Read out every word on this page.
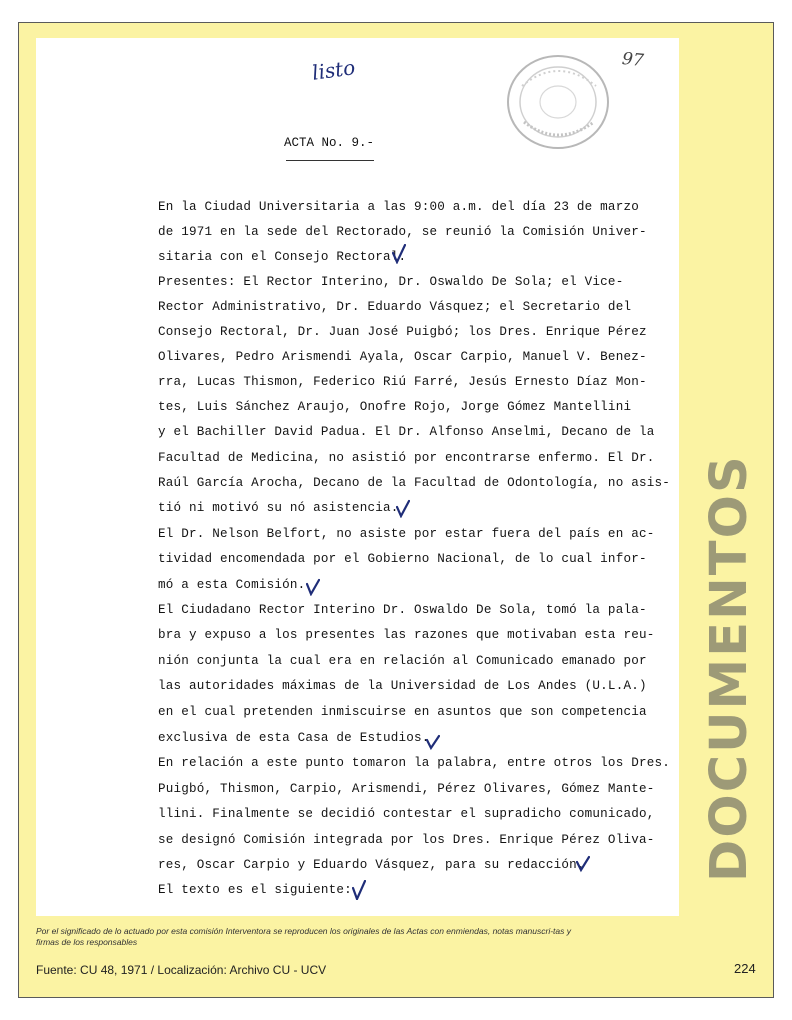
listo	97
ACTA No. 9.-
En la Ciudad Universitaria a las 9:00 a.m. del día 23 de marzo
de 1971 en la sede del Rectorado, se reunió la Comisión Univer-
sitaria con el Consejo Rectoral.
Presentes: El Rector Interino, Dr. Oswaldo De Sola; el Vice-
Rector Administrativo, Dr. Eduardo Vásquez; el Secretario del
Consejo Rectoral, Dr. Juan José Puigbó; los Dres. Enrique Pérez
Olivares, Pedro Arismendi Ayala, Oscar Carpio, Manuel V. Benez-
rra, Lucas Thismon, Federico Riú Farré, Jesús Ernesto Díaz Mon-
tes, Luis Sánchez Araujo, Onofre Rojo, Jorge Gómez Mantellini
y el Bachiller David Padua. El Dr. Alfonso Anselmi, Decano de la
Facultad de Medicina, no asistió por encontrarse enfermo. El Dr.
Raúl García Arocha, Decano de la Facultad de Odontología, no asis-
tió ni motivó su nó asistencia.
El Dr. Nelson Belfort, no asiste por estar fuera del país en ac-
tividad encomendada por el Gobierno Nacional, de lo cual infor-
mó a esta Comisión.
El Ciudadano Rector Interino Dr. Oswaldo De Sola, tomó la pala-
bra y expuso a los presentes las razones que motivaban esta reu-
nión conjunta la cual era en relación al Comunicado emanado por
las autoridades máximas de la Universidad de Los Andes (U.L.A.)
en el cual pretenden inmiscuirse en asuntos que son competencia
exclusiva de esta Casa de Estudios.
En relación a este punto tomaron la palabra, entre otros los Dres.
Puigbó, Thismon, Carpio, Arismendi, Pérez Olivares, Gómez Mante-
llini. Finalmente se decidió contestar el supradicho comunicado,
se designó Comisión integrada por los Dres. Enrique Pérez Oliva-
res, Oscar Carpio y Eduardo Vásquez, para su redacción.
El texto es el siguiente:
DOCUMENTOS
Por el significado de lo actuado por esta comisión Interventora se reproducen los originales de las Actas con enmiendas, notas manuscri-tas y firmas de los responsables
Fuente: CU 48, 1971 / Localización: Archivo CU - UCV	224
